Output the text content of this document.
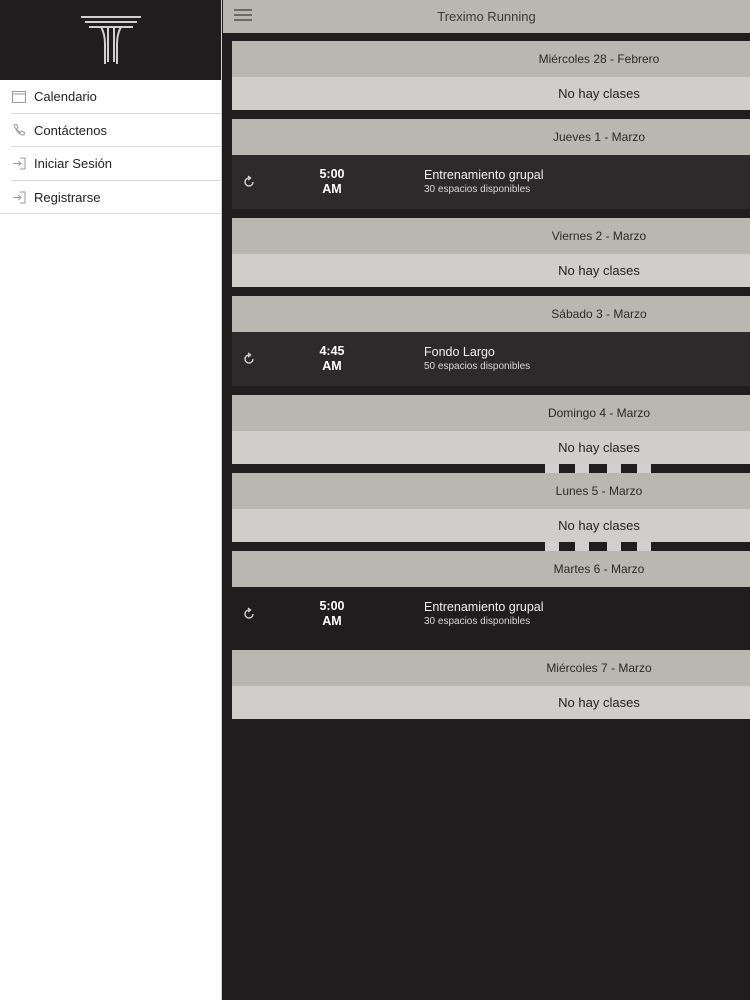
Calendario
Contáctenos
Iniciar Sesión
Registrarse
Treximo Running
Miércoles 28 - Febrero
No hay clases
Jueves 1 - Marzo
5:00
AM
Entrenamiento grupal
30 espacios disponibles
Viernes 2 - Marzo
No hay clases
Sábado 3 - Marzo
4:45
AM
Fondo Largo
50 espacios disponibles
Domingo 4 - Marzo
No hay clases
Lunes 5 - Marzo
No hay clases
Martes 6 - Marzo
5:00
AM
Entrenamiento grupal
30 espacios disponibles
Miércoles 7 - Marzo
No hay clases
